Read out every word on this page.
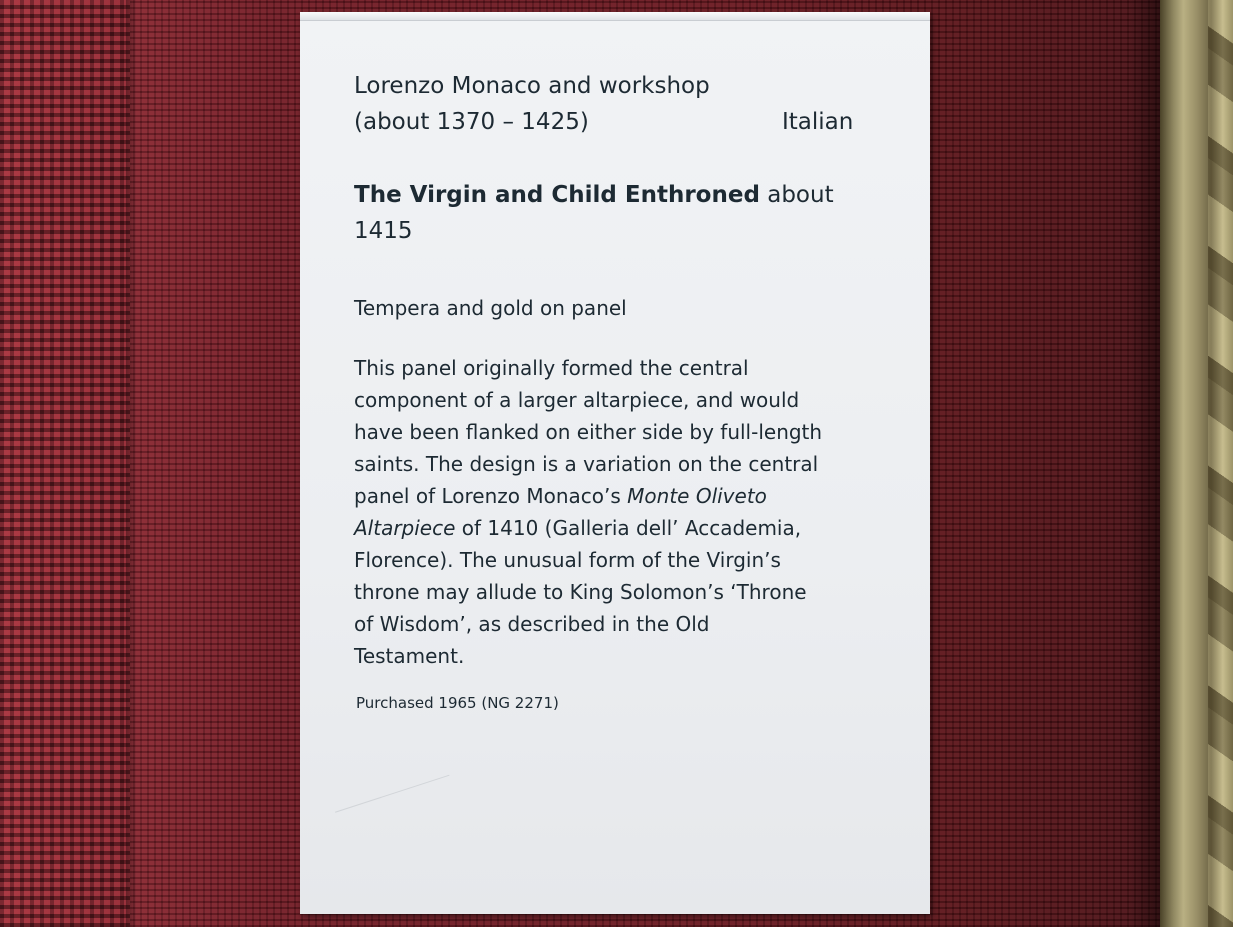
Lorenzo Monaco and workshop
(about 1370 – 1425)	Italian
The Virgin and Child Enthroned about
1415
Tempera and gold on panel
This panel originally formed the central
component of a larger altarpiece, and would
have been flanked on either side by full-length
saints. The design is a variation on the central
panel of Lorenzo Monaco’s Monte Oliveto
Altarpiece of 1410 (Galleria dell’ Accademia,
Florence). The unusual form of the Virgin’s
throne may allude to King Solomon’s ‘Throne
of Wisdom’, as described in the Old
Testament.
Purchased 1965 (NG 2271)
